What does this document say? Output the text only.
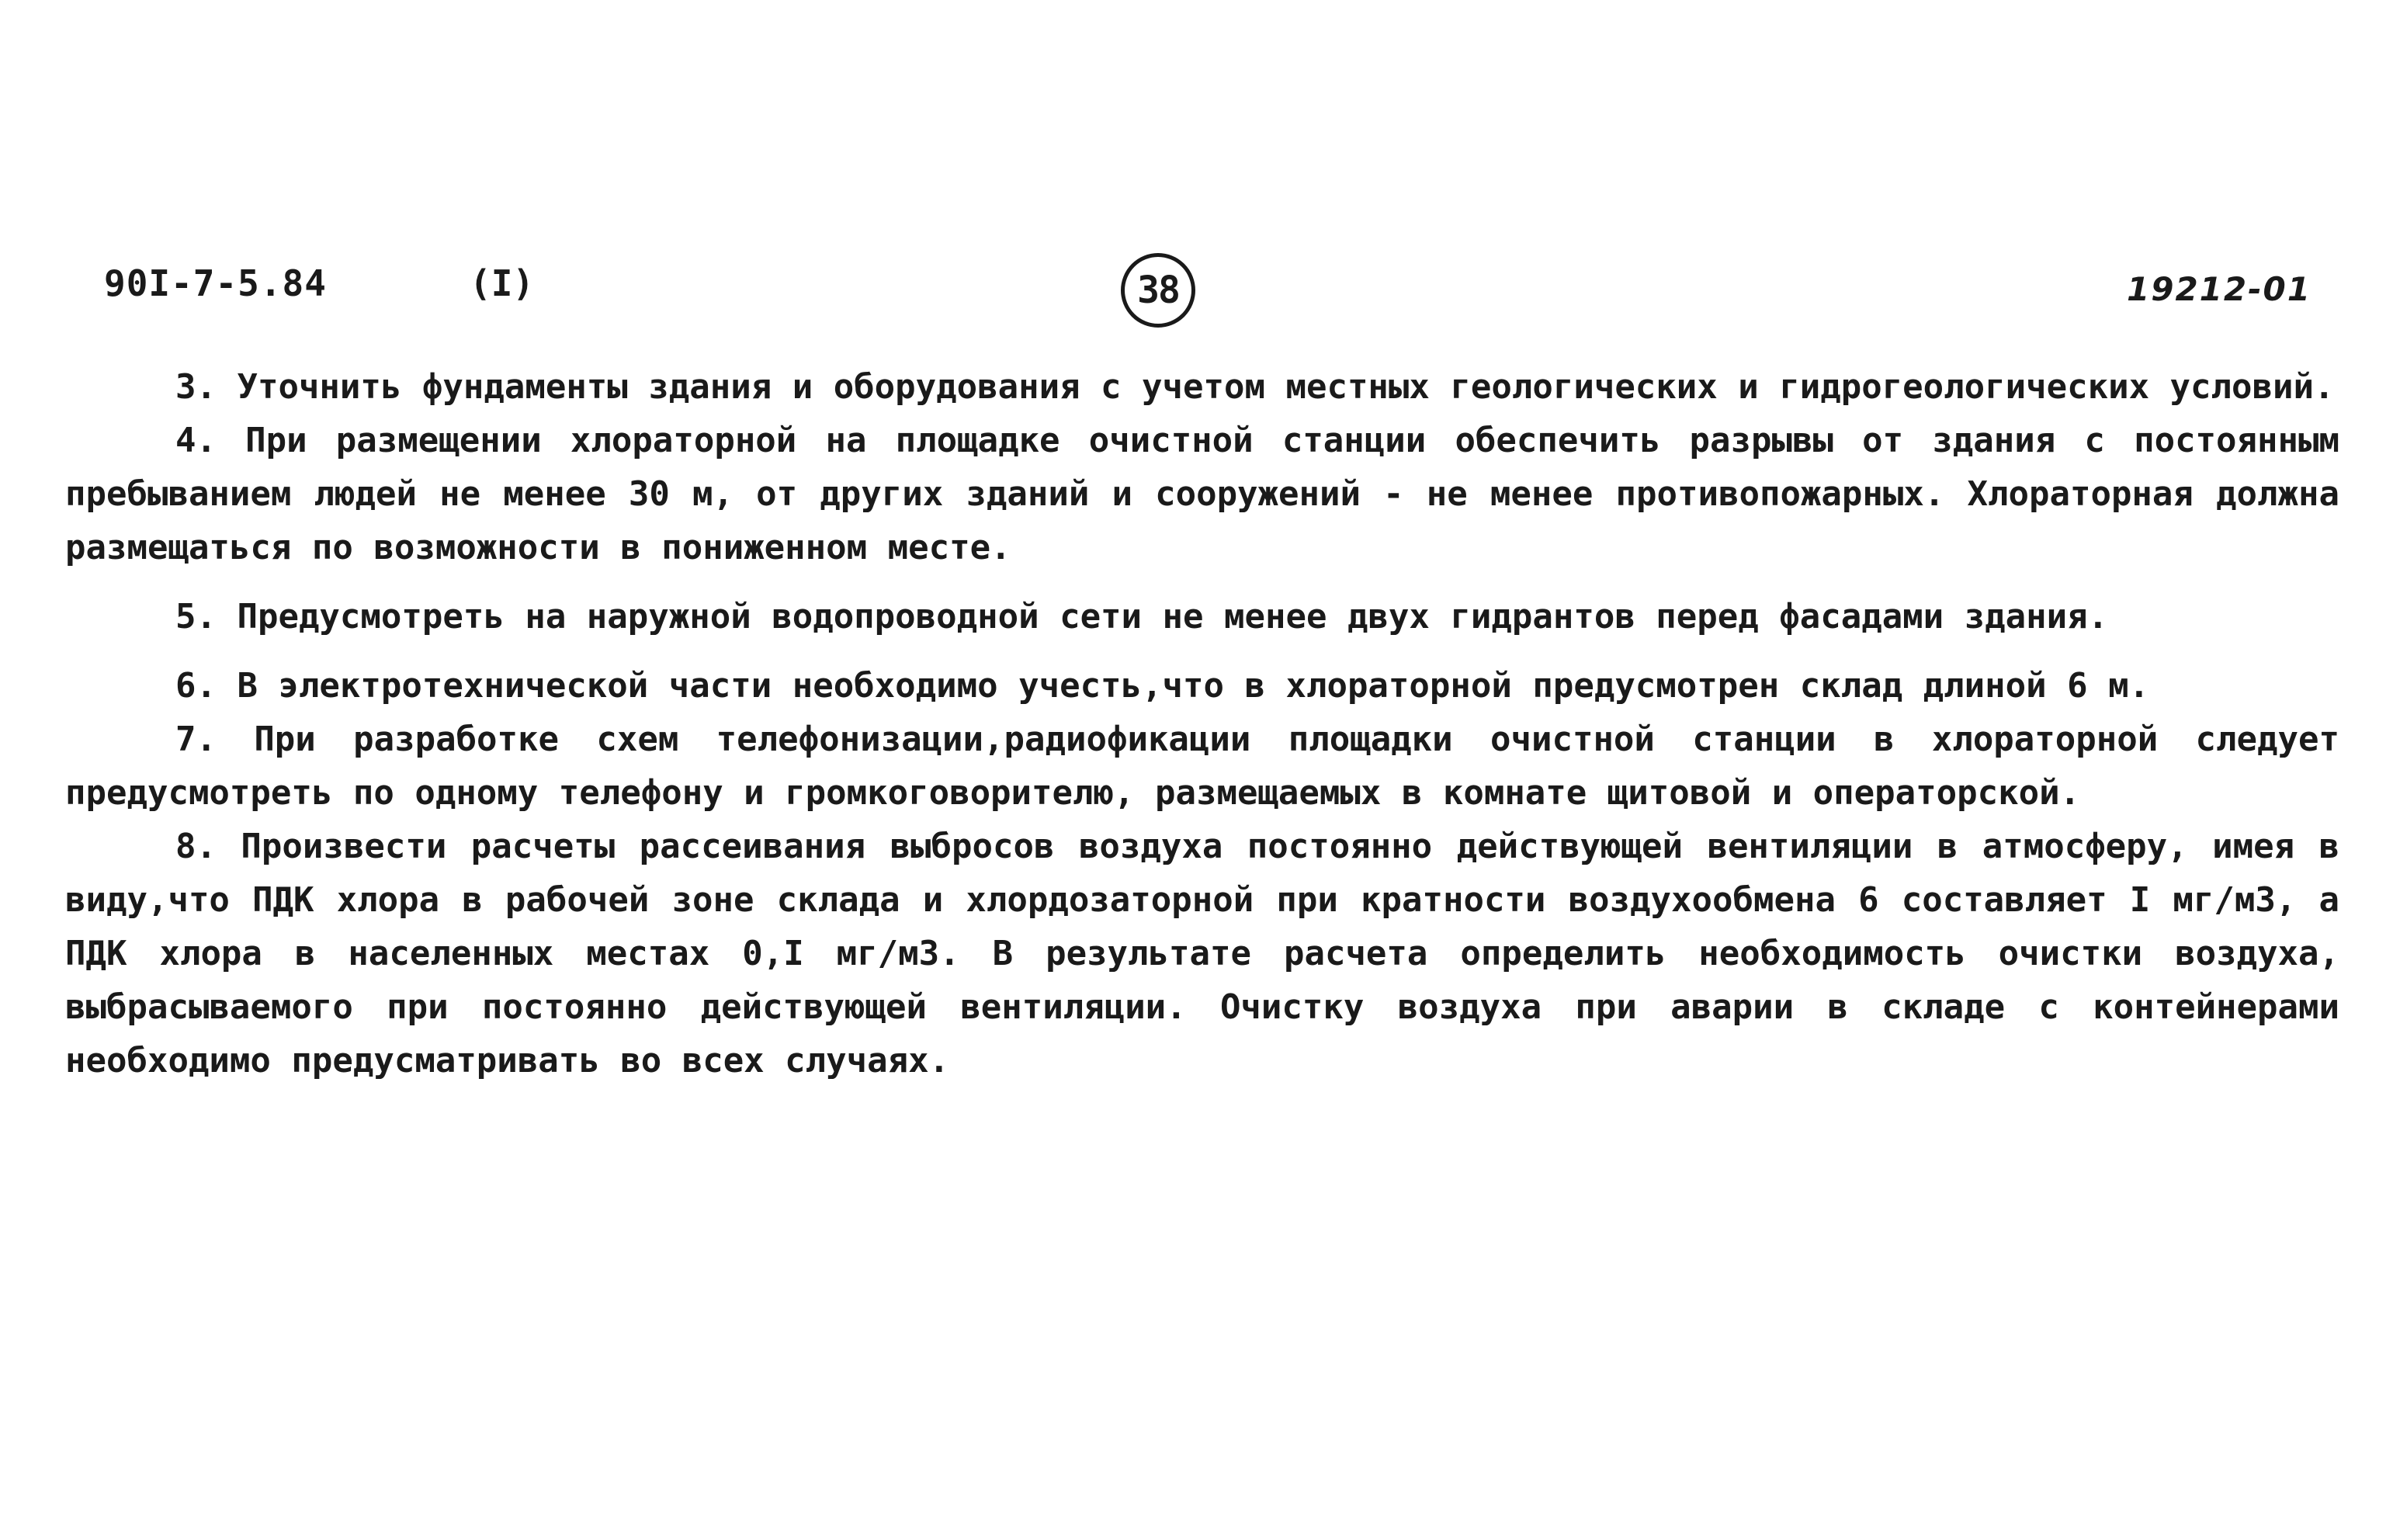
90I-7-5.84	(I)	38	19212-01

3. Уточнить фундаменты здания и оборудования с учетом местных геологических и гидрогеологических условий.

4. При размещении хлораторной на площадке очистной станции обеспечить разрывы от здания с постоянным пребыванием людей не менее 30 м, от других зданий и сооружений - не менее противопожарных. Хлораторная должна размещаться по возможности в пониженном месте.

5. Предусмотреть на наружной водопроводной сети не менее двух гидрантов перед фасадами здания.

6. В электротехнической части необходимо учесть,что в хлораторной предусмотрен склад длиной 6 м.

7. При разработке схем телефонизации,радиофикации площадки очистной станции в хлораторной следует предусмотреть по одному телефону и громкоговорителю, размещаемых в комнате щитовой и операторской.

8. Произвести расчеты рассеивания выбросов воздуха постоянно действующей вентиляции в атмосферу, имея в виду,что ПДК хлора в рабочей зоне склада и хлордозаторной при кратности воздухообмена 6 составляет I мг/м3, а ПДК хлора в населенных местах 0,I мг/м3. В результате расчета определить необходимость очистки воздуха, выбрасываемого при постоянно действующей вентиляции. Очистку воздуха при аварии в складе с контейнерами необходимо предусматривать во всех случаях.
